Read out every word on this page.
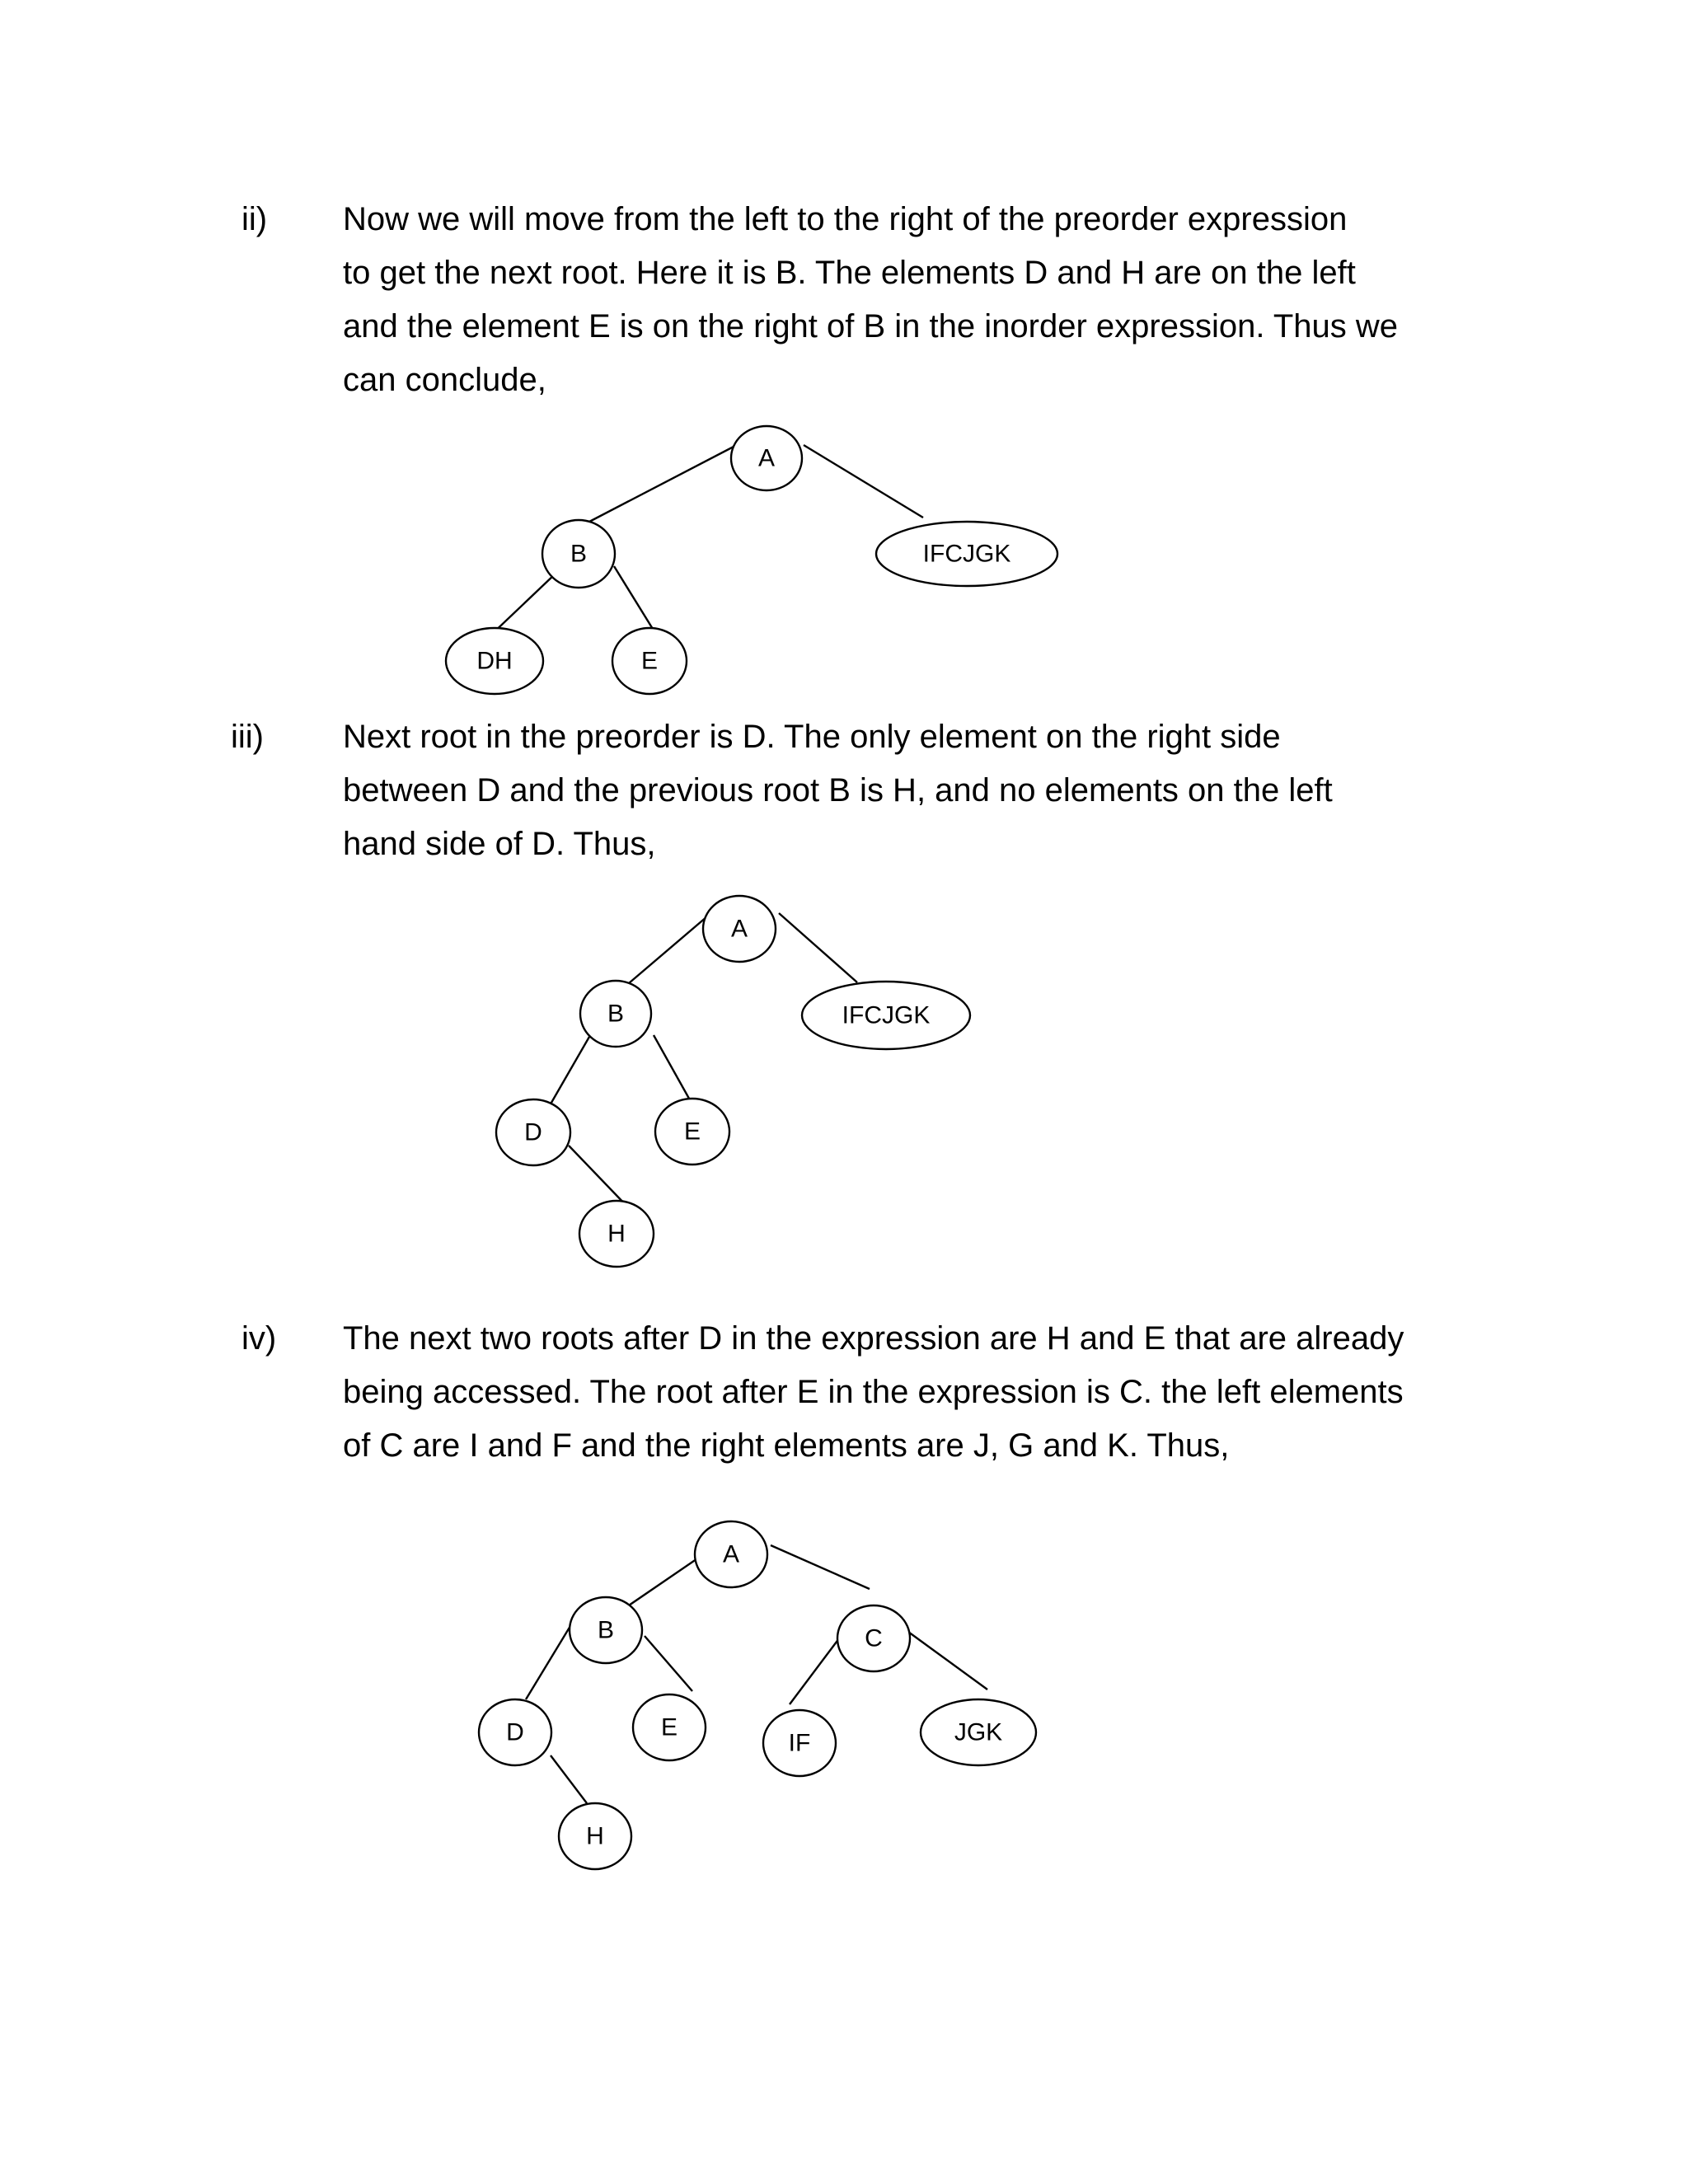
ii) Now we will move from the left to the right of the preorder expression
to get the next root. Here it is B. The elements D and H are on the left
and the element E is on the right of B in the inorder expression. Thus we
can conclude,
A
B	IFCJGK
DH	E
iii) Next root in the preorder is D. The only element on the right side
between D and the previous root B is H, and no elements on the left
hand side of D. Thus,
A
B	IFCJGK
D	E
H
iv) The next two roots after D in the expression are H and E that are already
being accessed. The root after E in the expression is C. the left elements
of C are I and F and the right elements are J, G and K. Thus,
A
B	C
D	E
IF	JGK
H
